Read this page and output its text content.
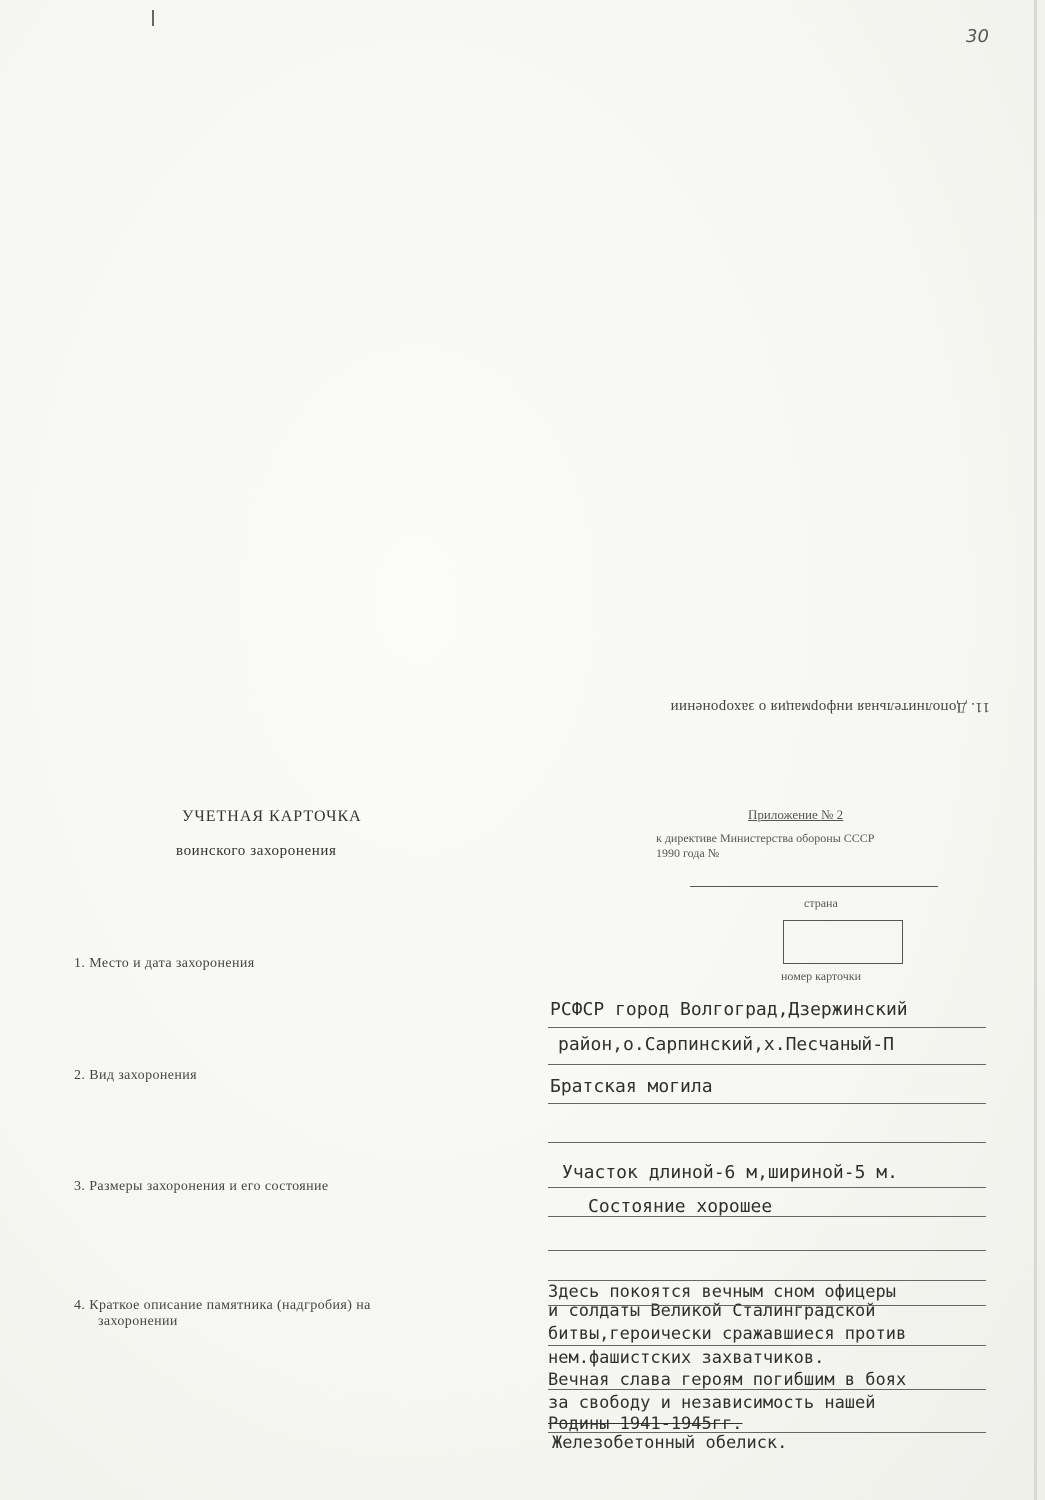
30
11. Дополнительная информация о захоронении
УЧЕТНАЯ КАРТОЧКА
воинского захоронения
Приложение № 2
к директиве Министерства обороны СССР
1990 года №
страна
номер карточки
1. Место и дата захоронения
РСФСР город Волгоград,Дзержинский
район,о.Сарпинский,х.Песчаный-П
2. Вид захоронения
Братская могила
3. Размеры захоронения и его состояние
Участок длиной-6 м,шириной-5 м.
Состояние хорошее
4. Краткое описание памятника (надгробия) на
захоронении
Здесь покоятся вечным сном офицеры
и солдаты Великой Сталинградской
битвы,героически сражавшиеся против
нем.фашистских захватчиков.
Вечная слава героям погибшим в боях
за свободу и независимость нашей
Родины 1941-1945гг.
Железобетонный обелиск.
